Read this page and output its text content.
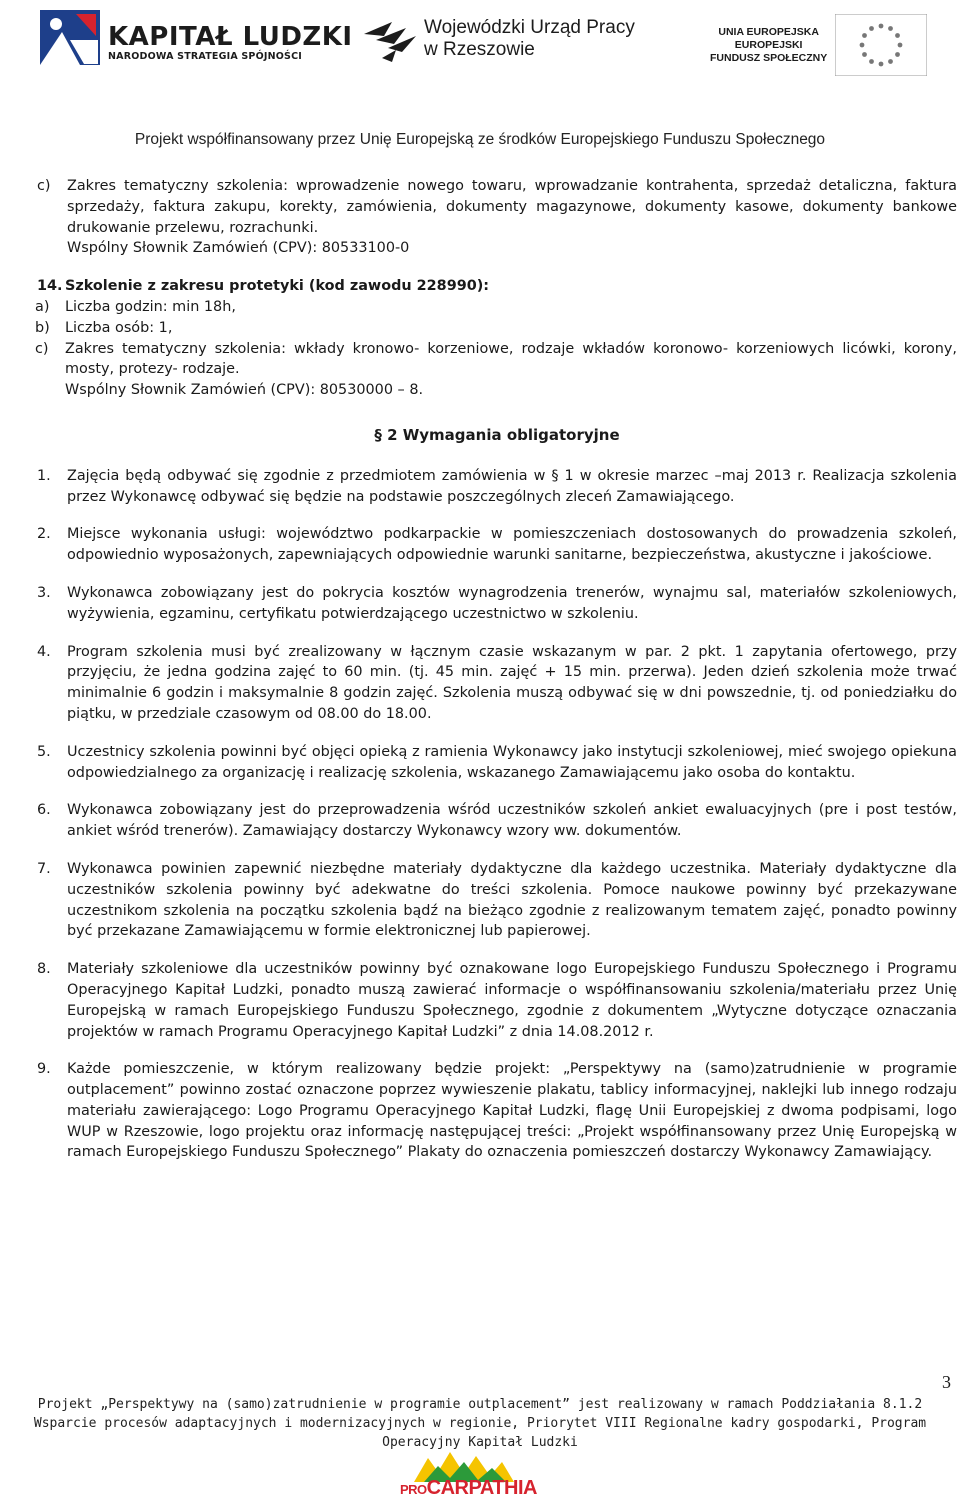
KAPITAŁ LUDZKI
NARODOWA STRATEGIA SPÓJNOŚCI
Wojewódzki Urząd Pracy
w Rzeszowie
UNIA EUROPEJSKA
EUROPEJSKI
FUNDUSZ SPOŁECZNY
Projekt współfinansowany przez Unię Europejską ze środków Europejskiego Funduszu Społecznego
c)	Zakres tematyczny szkolenia: wprowadzenie nowego towaru, wprowadzanie kontrahenta, sprzedaż detaliczna, faktura sprzedaży, faktura zakupu, korekty, zamówienia, dokumenty magazynowe, dokumenty kasowe, dokumenty bankowe drukowanie przelewu, rozrachunki.

Wspólny Słownik Zamówień (CPV): 80533100-0

14. Szkolenie z zakresu protetyki (kod zawodu 228990):

a)	Liczba godzin: min 18h,
b)	Liczba osób: 1,
c)	Zakres tematyczny szkolenia: wkłady kronowo- korzeniowe, rodzaje wkładów koronowo- korzeniowych licówki, korony, mosty, protezy- rodzaje.

Wspólny Słownik Zamówień (CPV): 80530000 – 8.

§ 2 Wymagania obligatoryjne
1.	Zajęcia będą odbywać się zgodnie z przedmiotem zamówienia w § 1 w okresie marzec –maj 2013 r. Realizacja szkolenia przez Wykonawcę odbywać się będzie na podstawie poszczególnych zleceń Zamawiającego.
2.	Miejsce wykonania usługi: województwo podkarpackie w pomieszczeniach dostosowanych do prowadzenia szkoleń, odpowiednio wyposażonych, zapewniających odpowiednie warunki sanitarne, bezpieczeństwa, akustyczne i jakościowe.
3.	Wykonawca zobowiązany jest do pokrycia kosztów wynagrodzenia trenerów, wynajmu sal, materiałów szkoleniowych, wyżywienia, egzaminu, certyfikatu potwierdzającego uczestnictwo w szkoleniu.
4.	Program szkolenia musi być zrealizowany w łącznym czasie wskazanym w par. 2 pkt. 1 zapytania ofertowego, przy przyjęciu, że jedna godzina zajęć to 60 min. (tj. 45 min. zajęć + 15 min. przerwa). Jeden dzień szkolenia może trwać minimalnie 6 godzin i maksymalnie 8 godzin zajęć. Szkolenia muszą odbywać się w dni powszednie, tj. od poniedziałku do piątku, w przedziale czasowym od 08.00 do 18.00.
5.	Uczestnicy szkolenia powinni być objęci opieką z ramienia Wykonawcy jako instytucji szkoleniowej, mieć swojego opiekuna odpowiedzialnego za organizację i realizację szkolenia, wskazanego Zamawiającemu jako osoba do kontaktu.
6.	Wykonawca zobowiązany jest do przeprowadzenia wśród uczestników szkoleń ankiet ewaluacyjnych (pre i post testów, ankiet wśród trenerów). Zamawiający dostarczy Wykonawcy wzory ww. dokumentów.
7.	Wykonawca powinien zapewnić niezbędne materiały dydaktyczne dla każdego uczestnika. Materiały dydaktyczne dla uczestników szkolenia powinny być adekwatne do treści szkolenia. Pomoce naukowe powinny być przekazywane uczestnikom szkolenia na początku szkolenia bądź na bieżąco zgodnie z realizowanym tematem zajęć, ponadto powinny być przekazane Zamawiającemu w formie elektronicznej lub papierowej.
8.	Materiały szkoleniowe dla uczestników powinny być oznakowane logo Europejskiego Funduszu Społecznego i Programu Operacyjnego Kapitał Ludzki, ponadto muszą zawierać informacje o współfinansowaniu szkolenia/materiału przez Unię Europejską w ramach Europejskiego Funduszu Społecznego, zgodnie z dokumentem „Wytyczne dotyczące oznaczania projektów w ramach Programu Operacyjnego Kapitał Ludzki” z dnia 14.08.2012 r.
9.	Każde pomieszczenie, w którym realizowany będzie projekt: „Perspektywy na (samo)zatrudnienie w programie outplacement” powinno zostać oznaczone poprzez wywieszenie plakatu, tablicy informacyjnej, naklejki lub innego rodzaju materiału zawierającego: Logo Programu Operacyjnego Kapitał Ludzki, flagę Unii Europejskiej z dwoma podpisami, logo WUP w Rzeszowie, logo projektu oraz informację następującej treści: „Projekt współfinansowany przez Unię Europejską w ramach Europejskiego Funduszu Społecznego” Plakaty do oznaczenia pomieszczeń dostarczy Wykonawcy Zamawiający.
3
Projekt „Perspektywy na (samo)zatrudnienie w programie outplacement” jest realizowany w ramach Poddziałania 8.1.2
Wsparcie procesów adaptacyjnych i modernizacyjnych w regionie, Priorytet VIII Regionalne kadry gospodarki, Program
Operacyjny Kapitał Ludzki
PROCARPATHIA
